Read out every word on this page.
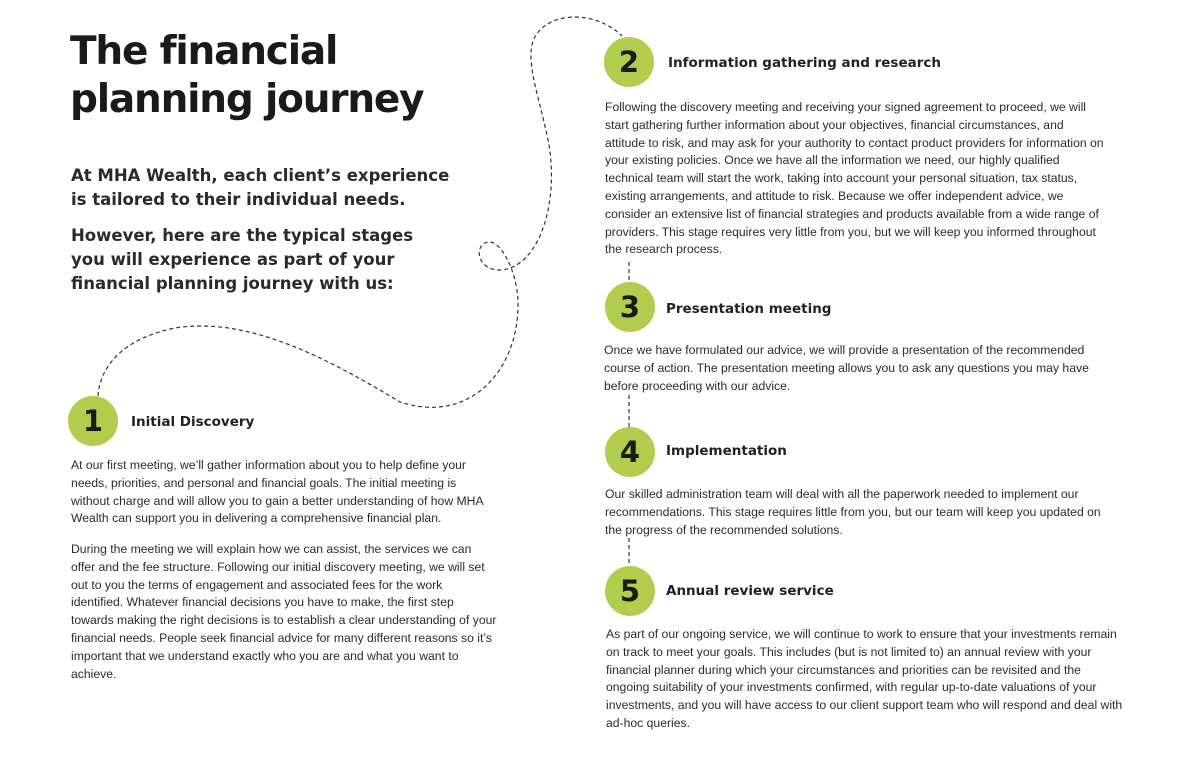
The financial planning journey

At MHA Wealth, each client’s experience is tailored to their individual needs.

However, here are the typical stages you will experience as part of your financial planning journey with us:

1	Initial Discovery

At our first meeting, we’ll gather information about you to help define your needs, priorities, and personal and financial goals. The initial meeting is without charge and will allow you to gain a better understanding of how MHA Wealth can support you in delivering a comprehensive financial plan.

During the meeting we will explain how we can assist, the services we can offer and the fee structure. Following our initial discovery meeting, we will set out to you the terms of engagement and associated fees for the work identified. Whatever financial decisions you have to make, the first step towards making the right decisions is to establish a clear understanding of your financial needs. People seek financial advice for many different reasons so it’s important that we understand exactly who you are and what you want to achieve.

2	Information gathering and research

Following the discovery meeting and receiving your signed agreement to proceed, we will start gathering further information about your objectives, financial circumstances, and attitude to risk, and may ask for your authority to contact product providers for information on your existing policies. Once we have all the information we need, our highly qualified technical team will start the work, taking into account your personal situation, tax status, existing arrangements, and attitude to risk. Because we offer independent advice, we consider an extensive list of financial strategies and products available from a wide range of providers. This stage requires very little from you, but we will keep you informed throughout the research process.

3	Presentation meeting

Once we have formulated our advice, we will provide a presentation of the recommended course of action. The presentation meeting allows you to ask any questions you may have before proceeding with our advice.

4	Implementation

Our skilled administration team will deal with all the paperwork needed to implement our recommendations. This stage requires little from you, but our team will keep you updated on the progress of the recommended solutions.

5	Annual review service

As part of our ongoing service, we will continue to work to ensure that your investments remain on track to meet your goals. This includes (but is not limited to) an annual review with your financial planner during which your circumstances and priorities can be revisited and the ongoing suitability of your investments confirmed, with regular up-to-date valuations of your investments, and you will have access to our client support team who will respond and deal with ad-hoc queries.
